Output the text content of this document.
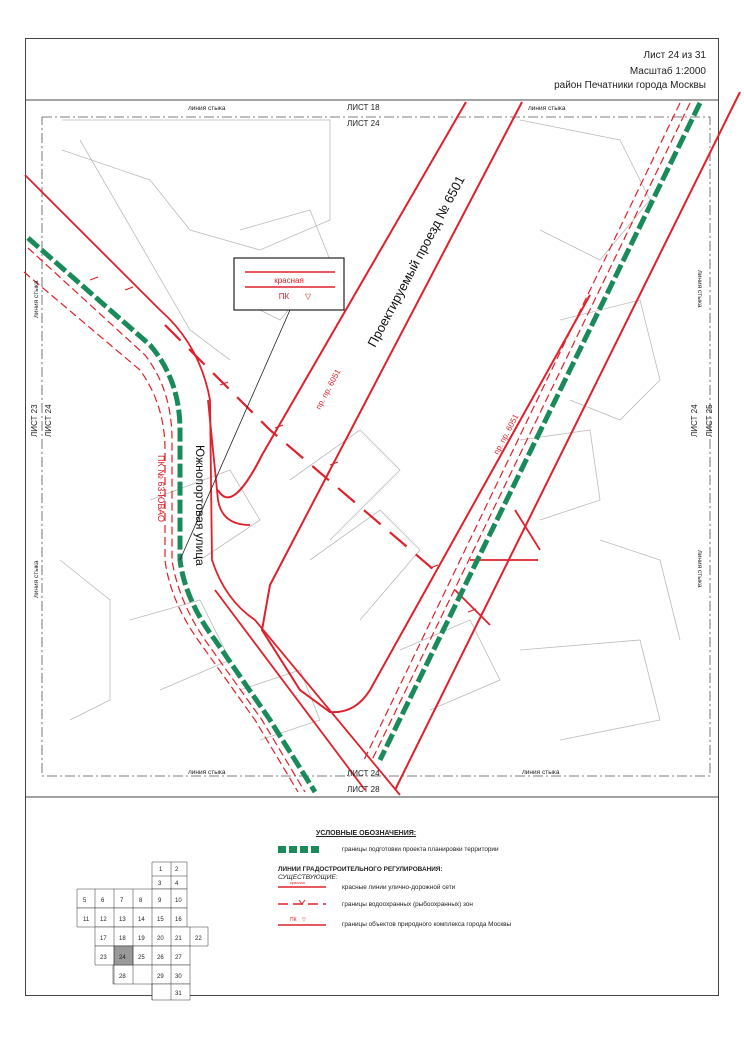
Лист 24 из 31
Масштаб 1:2000
район Печатники города Москвы
красная
ПК ▽
линия стыка	линия стыка
линия стыка	линия стыка
линия стыка
линия стыка
линия стыка
линия стыка
ЛИСТ 18
ЛИСТ 24
ЛИСТ 24
ЛИСТ 28
ЛИСТ 23 ЛИСТ 24	ЛИСТ 24 ЛИСТ 25
Проектируемый проезд № 6501
Южнопортовая улица
пр. пр. 6051
пр. пр. 6051
ПК № 63-ЮВАО
красная
ПК ▽
1 2
3 4
5 6	7	8	9 10
11 12 13 14 15 16
17 18 19 20 21 22
23 24 25 26 27
28	29 30
31
УСЛОВНЫЕ ОБОЗНАЧЕНИЯ:
границы подготовки проекта планировки территории
ЛИНИИ ГРАДОСТРОИТЕЛЬНОГО РЕГУЛИРОВАНИЯ:
СУЩЕСТВУЮЩИЕ:
красные линии улично-дорожной сети
границы водоохранных (рыбоохранных) зон
границы объектов природного комплекса города Москвы
